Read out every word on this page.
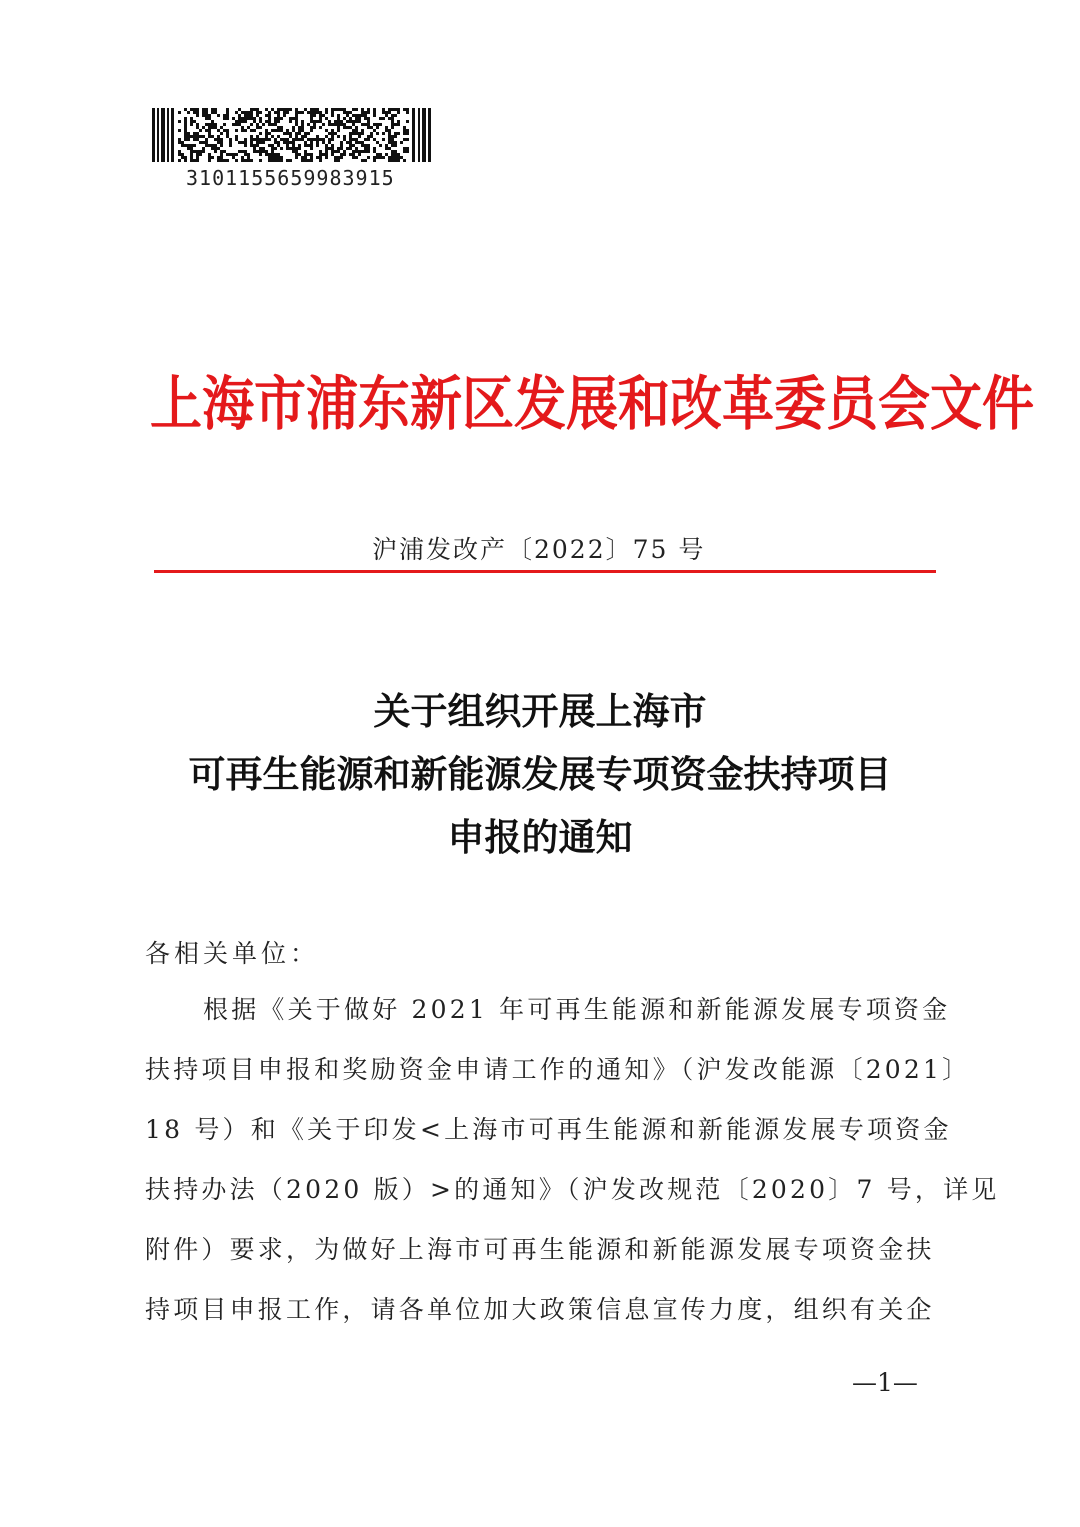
3101155659983915
上海市浦东新区发展和改革委员会文件
沪浦发改产〔2022〕75 号
关于组织开展上海市
可再生能源和新能源发展专项资金扶持项目
申报的通知
各相关单位：
根据《关于做好 2021 年可再生能源和新能源发展专项资金
扶持项目申报和奖励资金申请工作的通知》（沪发改能源〔2021〕
18 号）和《关于印发<上海市可再生能源和新能源发展专项资金
扶持办法（2020 版）>的通知》（沪发改规范〔2020〕7 号，详见
附件）要求，为做好上海市可再生能源和新能源发展专项资金扶
持项目申报工作，请各单位加大政策信息宣传力度，组织有关企
—1—
